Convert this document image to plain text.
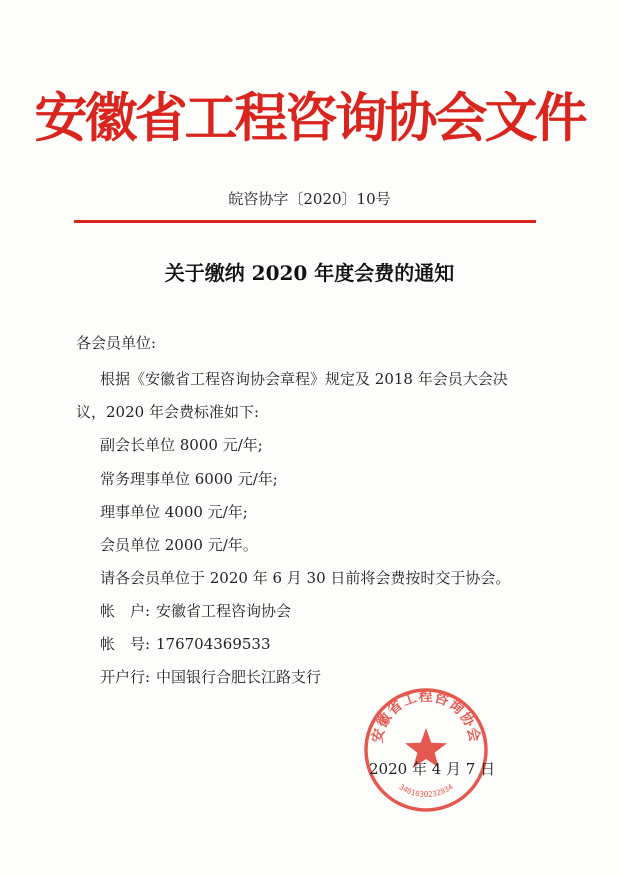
安徽省工程咨询协会文件
皖咨协字〔2020〕10号
关于缴纳 2020 年度会费的通知
各会员单位:
根据《安徽省工程咨询协会章程》规定及 2018 年会员大会决
议，2020 年会费标准如下:
副会长单位 8000 元/年;
常务理事单位 6000 元/年;
理事单位 4000 元/年;
会员单位 2000 元/年。
请各会员单位于 2020 年 6 月 30 日前将会费按时交于协会。
帐　户: 安徽省工程咨询协会
帐　号: 176704369533
开户行: 中国银行合肥长江路支行
安徽省工程咨询协会
3401030232834
2020 年 4 月 7 日
